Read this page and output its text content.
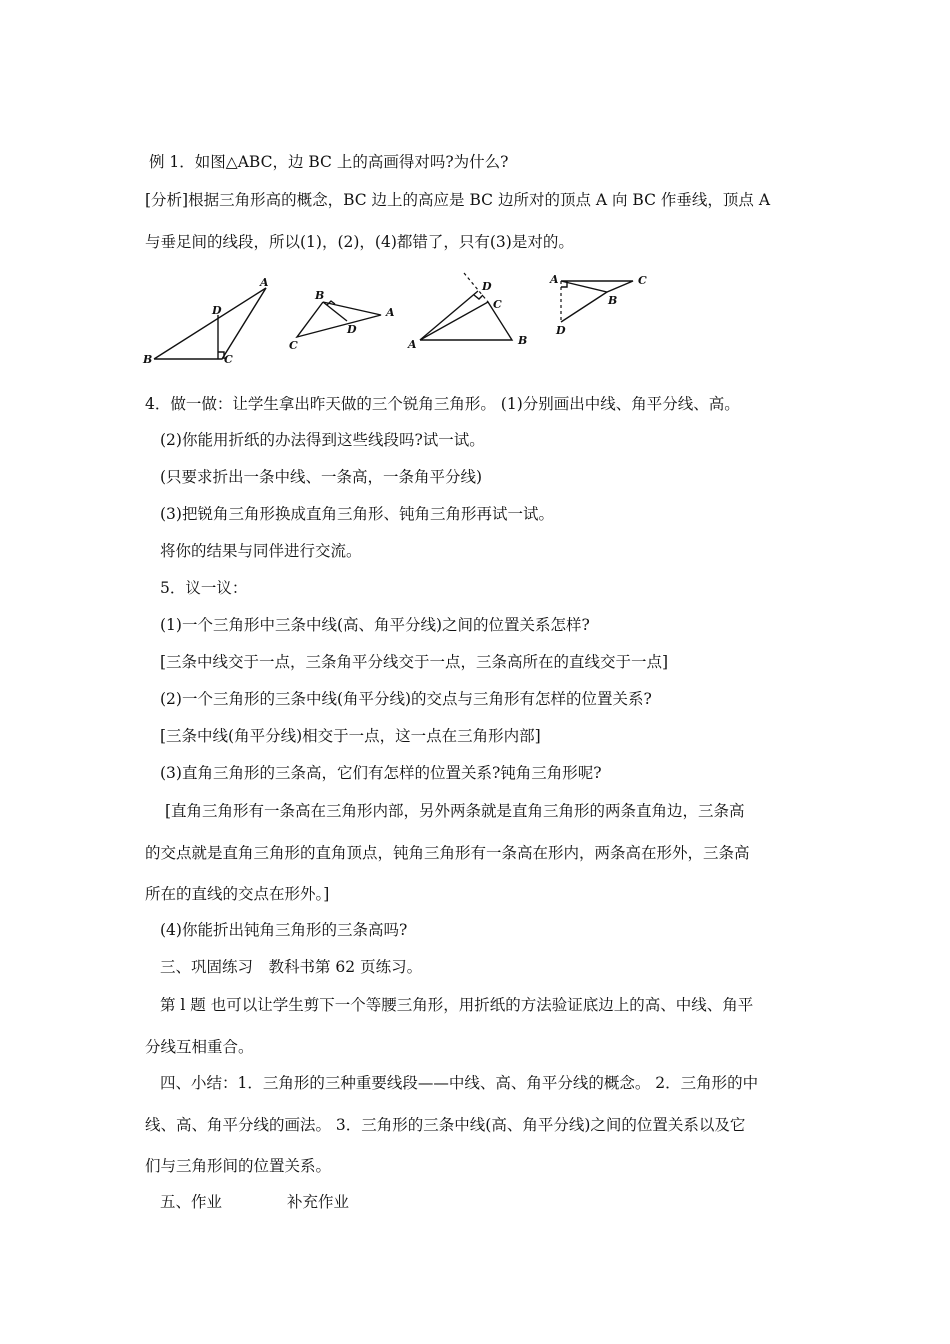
例 1．如图△ABC，边 BC 上的高画得对吗?为什么?
[分析]根据三角形高的概念，BC 边上的高应是 BC 边所对的顶点 A 向 BC 作垂线，顶点 A
与垂足间的线段，所以(1)，(2)，(4)都错了，只有(3)是对的。
A
D
B	C
B
A
D
C
D
C
A	B
A	C
B
D
4．做一做：让学生拿出昨天做的三个锐角三角形。 (1)分别画出中线、角平分线、高。
(2)你能用折纸的办法得到这些线段吗?试一试。
(只要求折出一条中线、一条高，一条角平分线)
(3)把锐角三角形换成直角三角形、钝角三角形再试一试。
将你的结果与同伴进行交流。
5．议一议：
(1)一个三角形中三条中线(高、角平分线)之间的位置关系怎样?
[三条中线交于一点，三条角平分线交于一点，三条高所在的直线交于一点]
(2)一个三角形的三条中线(角平分线)的交点与三角形有怎样的位置关系?
[三条中线(角平分线)相交于一点，这一点在三角形内部]
(3)直角三角形的三条高，它们有怎样的位置关系?钝角三角形呢?
[直角三角形有一条高在三角形内部，另外两条就是直角三角形的两条直角边，三条高
的交点就是直角三角形的直角顶点，钝角三角形有一条高在形内，两条高在形外，三条高
所在的直线的交点在形外。]
(4)你能折出钝角三角形的三条高吗?
三、巩固练习　教科书第 62 页练习。
第 l 题 也可以让学生剪下一个等腰三角形，用折纸的方法验证底边上的高、中线、角平
分线互相重合。
四、小结：1．三角形的三种重要线段——中线、高、角平分线的概念。 2．三角形的中
线、高、角平分线的画法。 3．三角形的三条中线(高、角平分线)之间的位置关系以及它
们与三角形间的位置关系。
五、作业	补充作业
